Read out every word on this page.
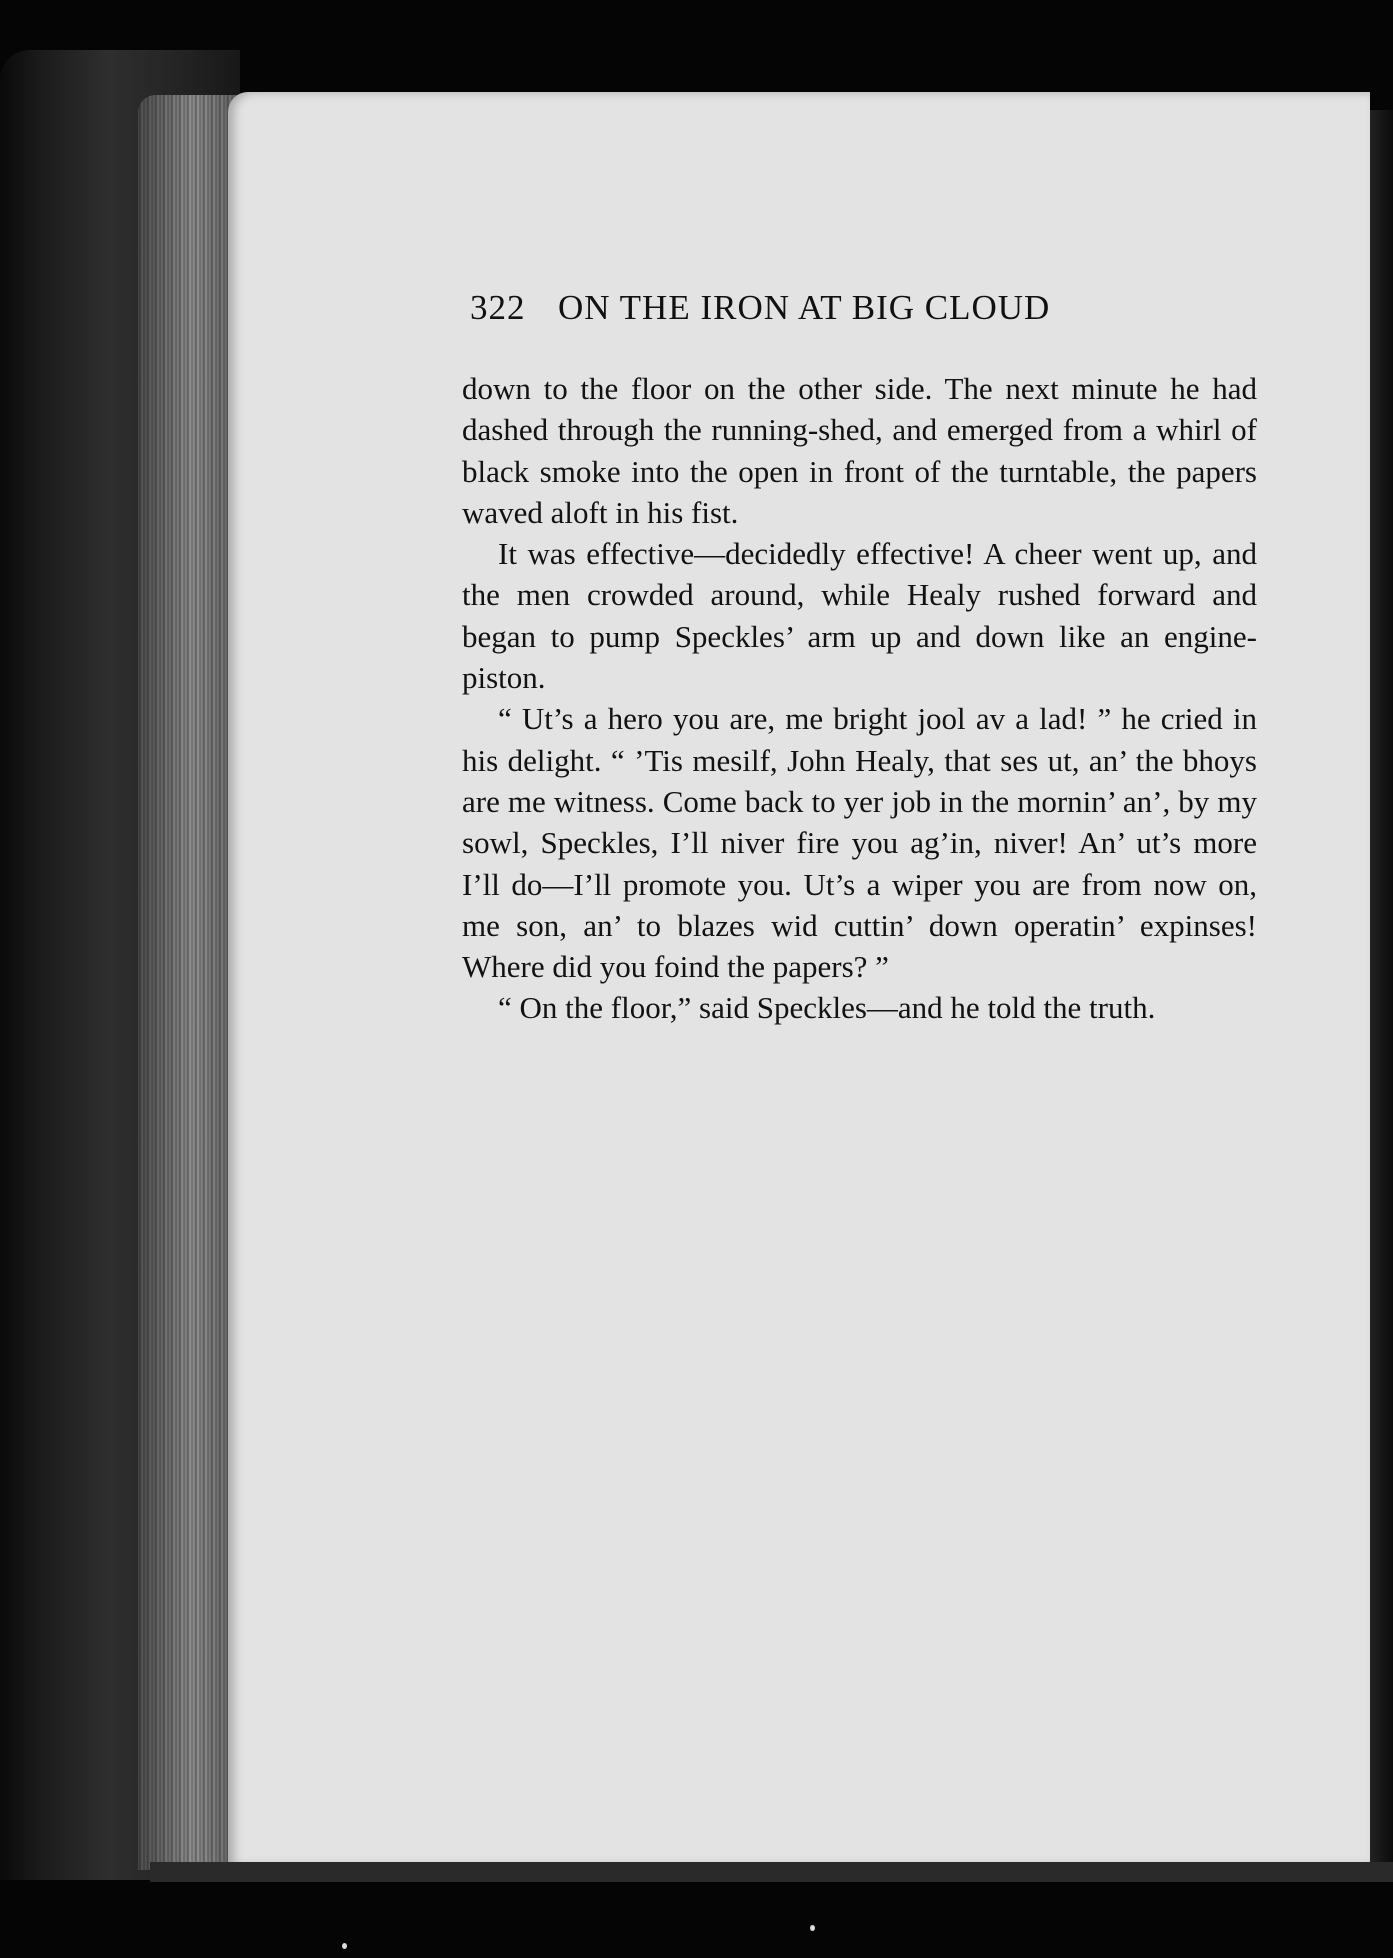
322 ON THE IRON AT BIG CLOUD

down to the floor on the other side. The next minute he had dashed through the running-shed, and emerged from a whirl of black smoke into the open in front of the turntable, the papers waved aloft in his fist.

It was effective—decidedly effective! A cheer went up, and the men crowded around, while Healy rushed forward and began to pump Speckles’ arm up and down like an engine-piston.

“ Ut’s a hero you are, me bright jool av a lad! ” he cried in his delight. “ ’Tis mesilf, John Healy, that ses ut, an’ the bhoys are me witness. Come back to yer job in the mornin’ an’, by my sowl, Speckles, I’ll niver fire you ag’in, niver! An’ ut’s more I’ll do—I’ll promote you. Ut’s a wiper you are from now on, me son, an’ to blazes wid cuttin’ down operatin’ expinses! Where did you foind the papers? ”

“ On the floor,” said Speckles—and he told the truth.
